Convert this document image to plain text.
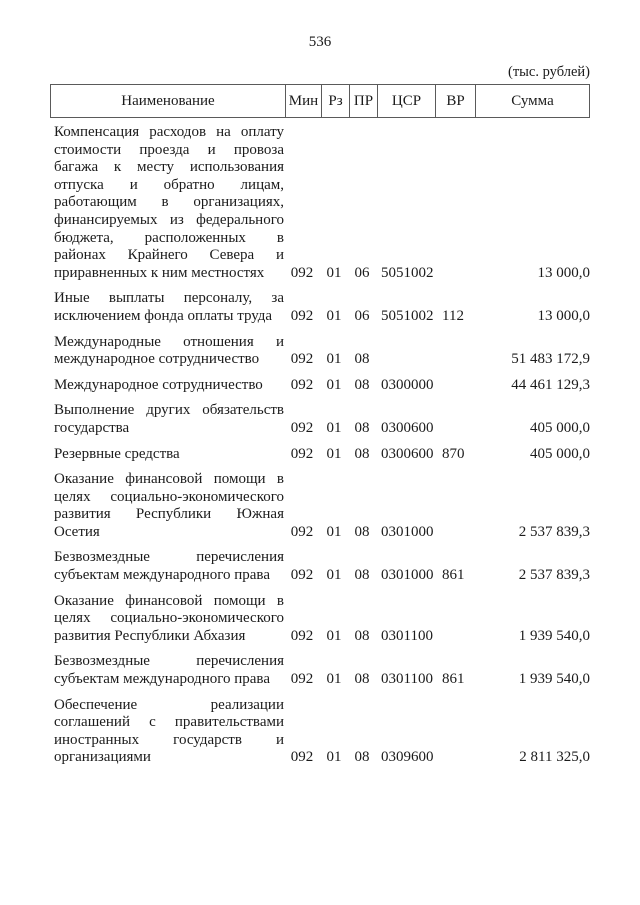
536
(тыс. рублей)
Наименование	Мин Рз ПР	ЦСР	ВР	Сумма
Компенсация расходов на оплату стоимости проезда и провоза багажа к месту использования отпуска и обратно лицам, работающим в организациях, финансируемых из федерального бюджета, расположенных в районах Крайнего Севера и приравненных к ним местностях	092 01 06 5051002	13 000,0
Иные выплаты персоналу, за исключением фонда оплаты труда	092 01 06 5051002 112	13 000,0
Международные отношения и международное сотрудничество	092 01 08	51 483 172,9
Международное сотрудничество	092 01 08 0300000	44 461 129,3
Выполнение других обязательств государства	092 01 08 0300600	405 000,0
Резервные средства	092 01 08 0300600 870	405 000,0
Оказание финансовой помощи в целях социально-экономического развития Республики Южная Осетия	092 01 08 0301000	2 537 839,3
Безвозмездные перечисления субъектам международного права	092 01 08 0301000 861	2 537 839,3
Оказание финансовой помощи в целях социально-экономического развития Республики Абхазия	092 01 08 0301100	1 939 540,0
Безвозмездные перечисления субъектам международного права	092 01 08 0301100 861	1 939 540,0
Обеспечение реализации соглашений с правительствами иностранных государств и организациями	092 01 08 0309600	2 811 325,0
